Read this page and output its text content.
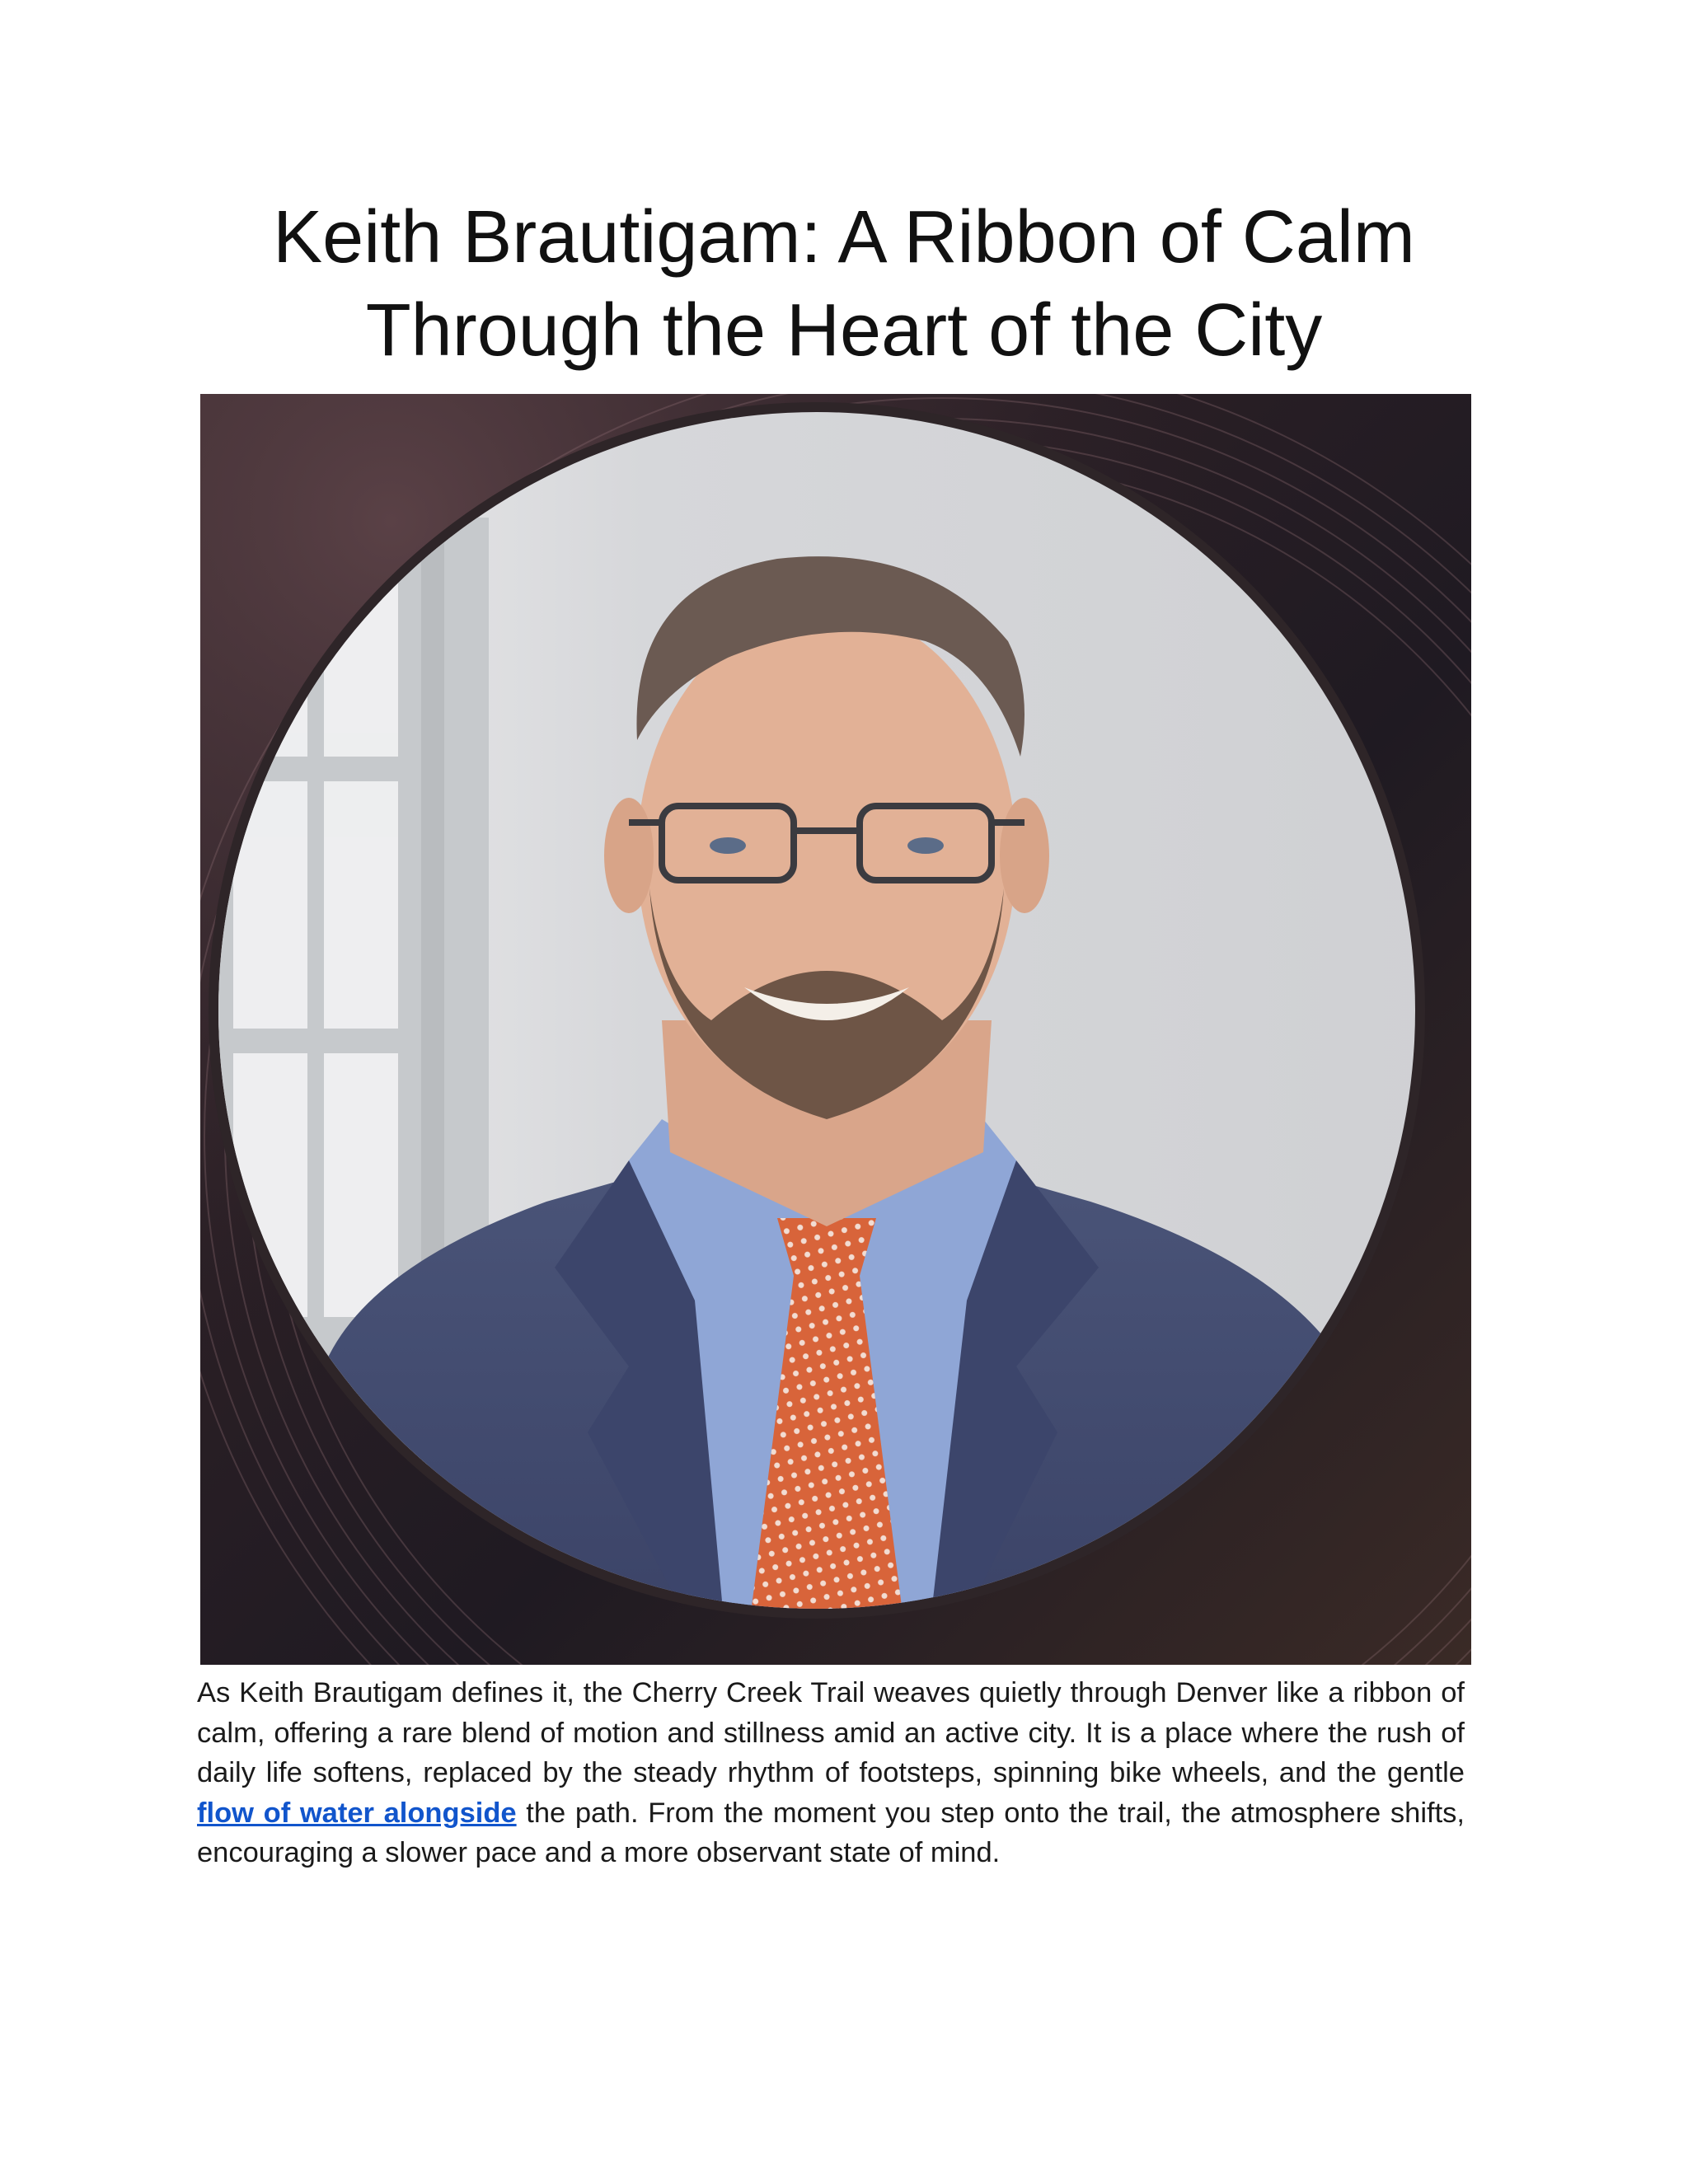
Keith Brautigam: A Ribbon of Calm
Through the Heart of the City

As Keith Brautigam defines it, the Cherry Creek Trail weaves quietly through Denver like a ribbon of calm, offering a rare blend of motion and stillness amid an active city. It is a place where the rush of daily life softens, replaced by the steady rhythm of footsteps, spinning bike wheels, and the gentle flow of water alongside the path. From the moment you step onto the trail, the atmosphere shifts, encouraging a slower pace and a more observant state of mind.
